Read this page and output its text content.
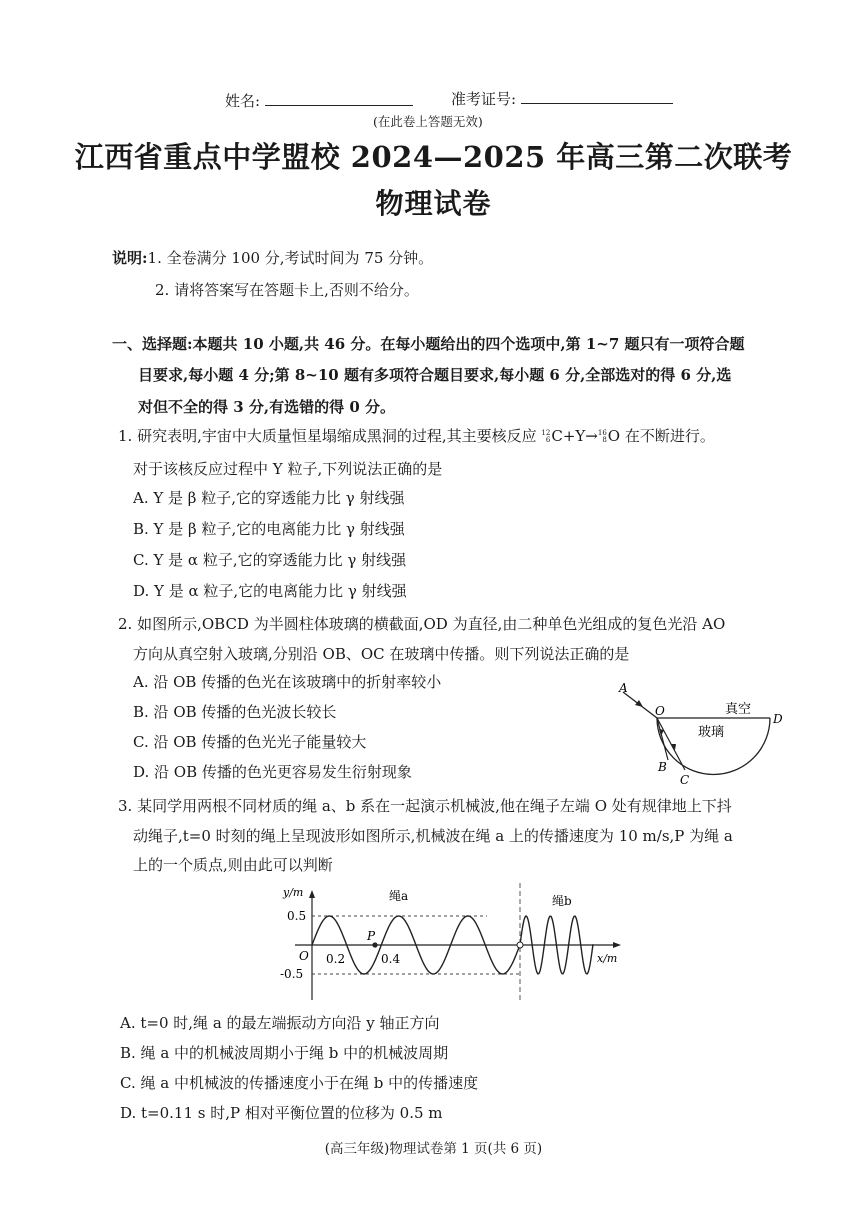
姓名:	准考证号:
(在此卷上答题无效)
江西省重点中学盟校 2024—2025 年高三第二次联考
物理试卷
说明:1. 全卷满分 100 分,考试时间为 75 分钟。
2. 请将答案写在答题卡上,否则不给分。
一、选择题:本题共 10 小题,共 46 分。在每小题给出的四个选项中,第 1~7 题只有一项符合题
目要求,每小题 4 分;第 8~10 题有多项符合题目要求,每小题 6 分,全部选对的得 6 分,选
对但不全的得 3 分,有选错的得 0 分。
1. 研究表明,宇宙中大质量恒星塌缩成黑洞的过程,其主要核反应 12
6 C+Y→ 16
8 O 在不断进行。
对于该核反应过程中 Y 粒子,下列说法正确的是
A. Y 是 β 粒子,它的穿透能力比 γ 射线强
B. Y 是 β 粒子,它的电离能力比 γ 射线强
C. Y 是 α 粒子,它的穿透能力比 γ 射线强
D. Y 是 α 粒子,它的电离能力比 γ 射线强
2. 如图所示,OBCD 为半圆柱体玻璃的横截面,OD 为直径,由二种单色光组成的复色光沿 AO
方向从真空射入玻璃,分别沿 OB、OC 在玻璃中传播。则下列说法正确的是
A. 沿 OB 传播的色光在该玻璃中的折射率较小
B. 沿 OB 传播的色光波长较长
C. 沿 OB 传播的色光光子能量较大
D. 沿 OB 传播的色光更容易发生衍射现象
A
O
D
B
C
真空
玻璃
3. 某同学用两根不同材质的绳 a、b 系在一起演示机械波,他在绳子左端 O 处有规律地上下抖
动绳子,t=0 时刻的绳上呈现波形如图所示,机械波在绳 a 上的传播速度为 10 m/s,P 为绳 a
上的一个质点,则由此可以判断
y/m
x/m
0.5
-0.5
O 0.2	0.4
P
绳a	绳b
A. t=0 时,绳 a 的最左端振动方向沿 y 轴正方向
B. 绳 a 中的机械波周期小于绳 b 中的机械波周期
C. 绳 a 中机械波的传播速度小于在绳 b 中的传播速度
D. t=0.11 s 时,P 相对平衡位置的位移为 0.5 m
(高三年级)物理试卷第 1 页(共 6 页)
